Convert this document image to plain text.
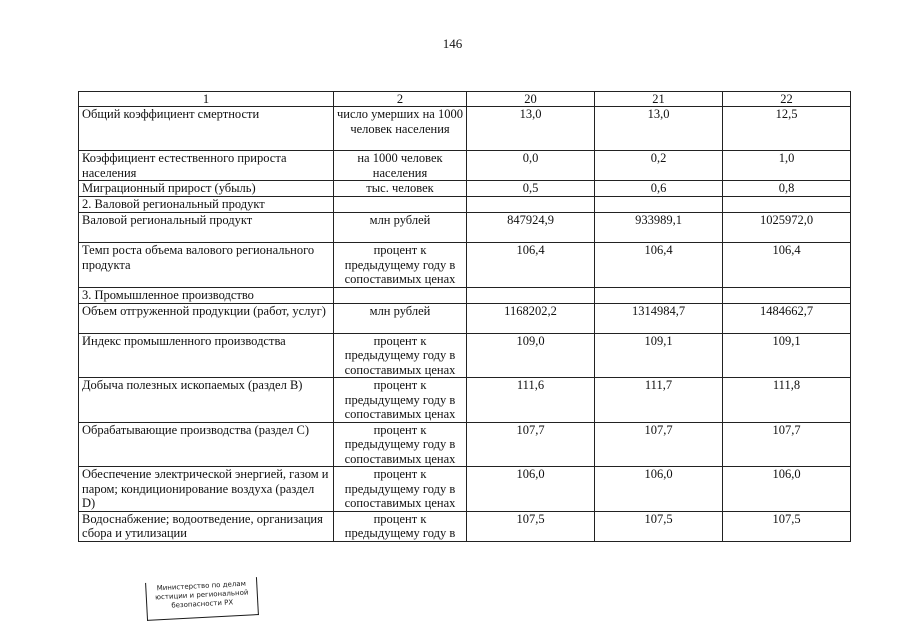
146
1	2	20	21	22
Общий коэффициент смертности	число умерших на 1000 человек населения	13,0	13,0	12,5
Коэффициент естественного прироста населения	на 1000 человек населения	0,0	0,2	1,0
Миграционный прирост (убыль)	тыс. человек	0,5	0,6	0,8
2. Валовой региональный продукт				
Валовой региональный продукт	млн рублей	847924,9	933989,1	1025972,0
Темп роста объема валового регионального продукта	процент к предыдущему году в сопоставимых ценах	106,4	106,4	106,4
3. Промышленное производство				
Объем отгруженной продукции (работ, услуг)	млн рублей	1168202,2	1314984,7	1484662,7
Индекс промышленного производства	процент к предыдущему году в сопоставимых ценах	109,0	109,1	109,1
Добыча полезных ископаемых (раздел B)	процент к предыдущему году в сопоставимых ценах	111,6	111,7	111,8
Обрабатывающие производства (раздел C)	процент к предыдущему году в сопоставимых ценах	107,7	107,7	107,7
Обеспечение электрической энергией, газом и паром; кондиционирование воздуха (раздел D)	процент к предыдущему году в сопоставимых ценах	106,0	106,0	106,0
Водоснабжение; водоотведение, организация сбора и утилизации	процент к предыдущему году в	107,5	107,5	107,5
Министерство по делам
юстиции и региональной
безопасности РХ
